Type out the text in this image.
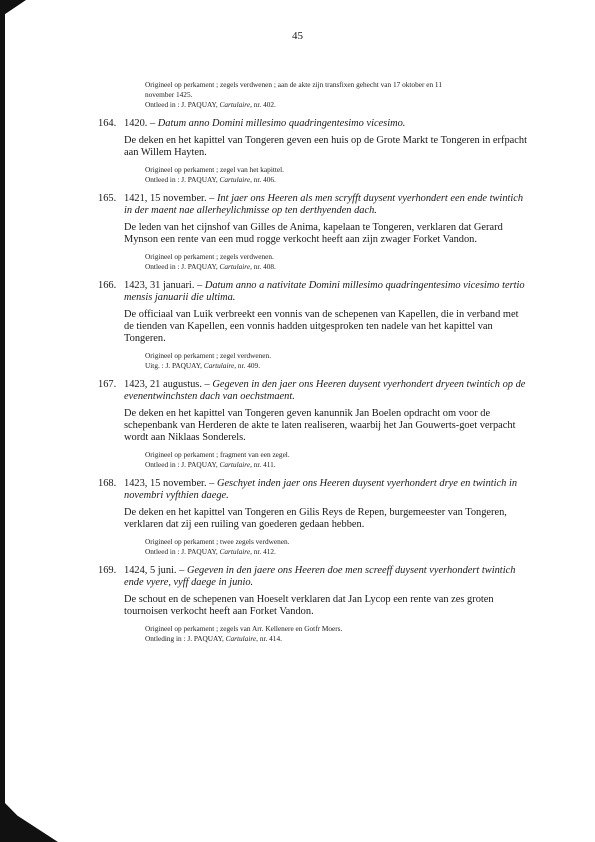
45
Origineel op perkament ; zegels verdwenen ; aan de akte zijn transfixen gehecht van 17 oktober en 11
november 1425.
Ontleed in : J. PAQUAY, Cartulaire, nr. 402.
164. 1420. – Datum anno Domini millesimo quadringentesimo vicesimo.
De deken en het kapittel van Tongeren geven een huis op de Grote Markt te Tongeren in erfpacht aan Willem Hayten.
Origineel op perkament ; zegel van het kapittel.
Ontleed in : J. PAQUAY, Cartulaire, nr. 406.
165. 1421, 15 november. – Int jaer ons Heeren als men scryfft duysent vyerhondert een ende twintich in der maent nae allerheylichmisse op ten derthyenden dach.
De leden van het cijnshof van Gilles de Anima, kapelaan te Tongeren, verklaren dat Gerard Mynson een rente van een mud rogge verkocht heeft aan zijn zwager Forket Vandon.
Origineel op perkament ; zegels verdwenen.
Ontleed in : J. PAQUAY, Cartulaire, nr. 408.
166. 1423, 31 januari. – Datum anno a nativitate Domini millesimo quadringentesimo vicesimo tertio mensis januarii die ultima.
De officiaal van Luik verbreekt een vonnis van de schepenen van Kapellen, die in verband met de tienden van Kapellen, een vonnis hadden uitgesproken ten nadele van het kapittel van Tongeren.
Origineel op perkament ; zegel verdwenen.
Uitg. : J. PAQUAY, Cartulaire, nr. 409.
167. 1423, 21 augustus. – Gegeven in den jaer ons Heeren duysent vyerhondert dryeen twintich op de evenentwinchsten dach van oechstmaent.
De deken en het kapittel van Tongeren geven kanunnik Jan Boelen opdracht om voor de schepenbank van Herderen de akte te laten realiseren, waarbij het Jan Gouwerts-goet verpacht wordt aan Niklaas Sonderels.
Origineel op perkament ; fragment van een zegel.
Ontleed in : J. PAQUAY, Cartulaire, nr. 411.
168. 1423, 15 november. – Geschyet inden jaer ons Heeren duysent vyerhondert drye en twintich in novembri vyfthien daege.
De deken en het kapittel van Tongeren en Gilis Reys de Repen, burgemeester van Tongeren, verklaren dat zij een ruiling van goederen gedaan hebben.
Origineel op perkament ; twee zegels verdwenen.
Ontleed in : J. PAQUAY, Cartulaire, nr. 412.
169. 1424, 5 juni. – Gegeven in den jaere ons Heeren doe men screeff duysent vyerhondert twintich ende vyere, vyff daege in junio.
De schout en de schepenen van Hoeselt verklaren dat Jan Lycop een rente van zes groten tournoisen verkocht heeft aan Forket Vandon.
Origineel op perkament ; zegels van Arr. Kellenere en Gotfr Moers.
Ontleding in : J. PAQUAY, Cartulaire, nr. 414.
